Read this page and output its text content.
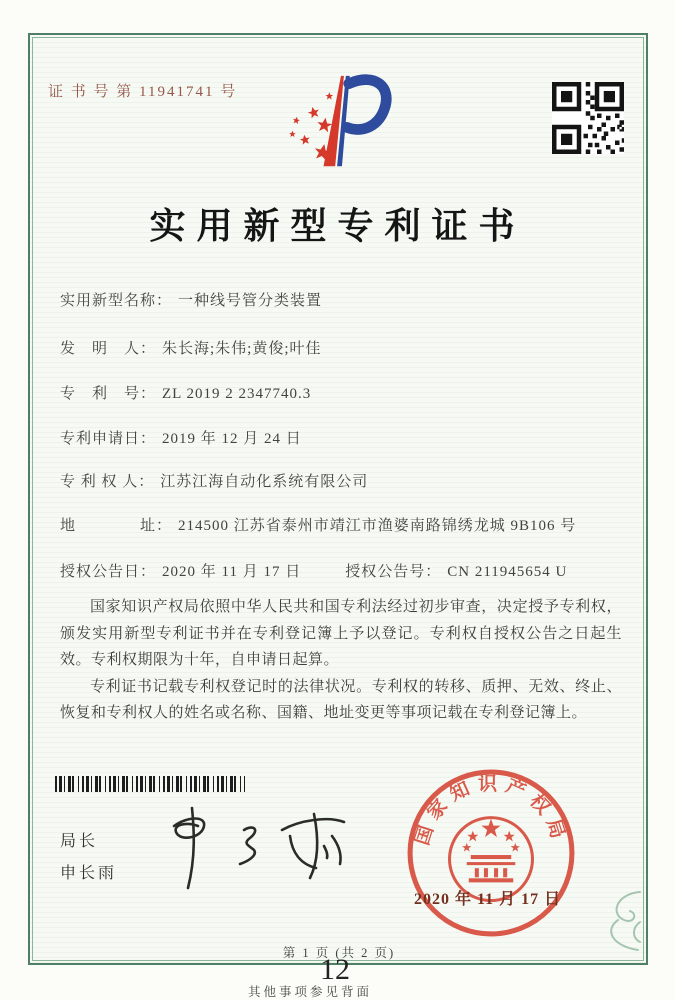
证 书 号 第 11941741 号
实用新型专利证书
实用新型名称： 一种线号管分类装置
发　明　人： 朱长海;朱伟;黄俊;叶佳
专　利　号： ZL 2019 2 2347740.3
专利申请日： 2019 年 12 月 24 日
专 利 权 人： 江苏江海自动化系统有限公司
地　　　　址： 214500 江苏省泰州市靖江市渔婆南路锦绣龙城 9B106 号
授权公告日： 2020 年 11 月 17 日	授权公告号： CN 211945654 U

国家知识产权局依照中华人民共和国专利法经过初步审查，决定授予专利权，颁发实用新型专利证书并在专利登记簿上予以登记。专利权自授权公告之日起生效。专利权期限为十年，自申请日起算。

专利证书记载专利权登记时的法律状况。专利权的转移、质押、无效、终止、恢复和专利权人的姓名或名称、国籍、地址变更等事项记载在专利登记簿上。

局长
申长雨
国家知识产权局
2020 年 11 月 17 日
第 1 页 (共 2 页)
12
其他事项参见背面
